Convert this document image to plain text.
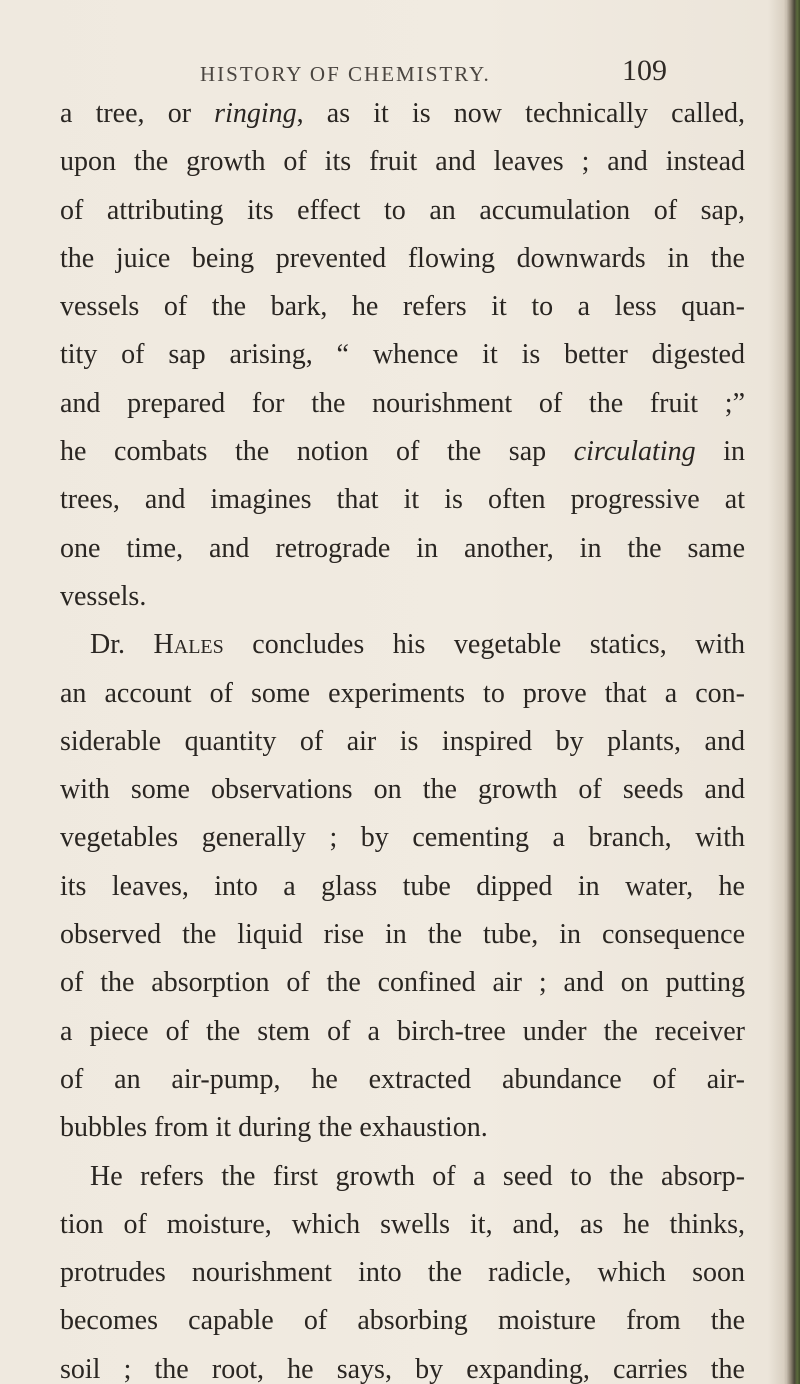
HISTORY OF CHEMISTRY.	109
a tree, or ringing, as it is now technically called,
upon the growth of its fruit and leaves ; and instead
of attributing its effect to an accumulation of sap,
the juice being prevented flowing downwards in the
vessels of the bark, he refers it to a less quan-
tity of sap arising, “ whence it is better digested
and prepared for the nourishment of the fruit ;”
he combats the notion of the sap circulating in
trees, and imagines that it is often progressive at
one time, and retrograde in another, in the same
vessels.
Dr. Hales concludes his vegetable statics, with
an account of some experiments to prove that a con-
siderable quantity of air is inspired by plants, and
with some observations on the growth of seeds and
vegetables generally ; by cementing a branch, with
its leaves, into a glass tube dipped in water, he
observed the liquid rise in the tube, in consequence
of the absorption of the confined air ; and on putting
a piece of the stem of a birch-tree under the receiver
of an air-pump, he extracted abundance of air-
bubbles from it during the exhaustion.
He refers the first growth of a seed to the absorp-
tion of moisture, which swells it, and, as he thinks,
protrudes nourishment into the radicle, which soon
becomes capable of absorbing moisture from the
soil ; the root, he says, by expanding, carries the
